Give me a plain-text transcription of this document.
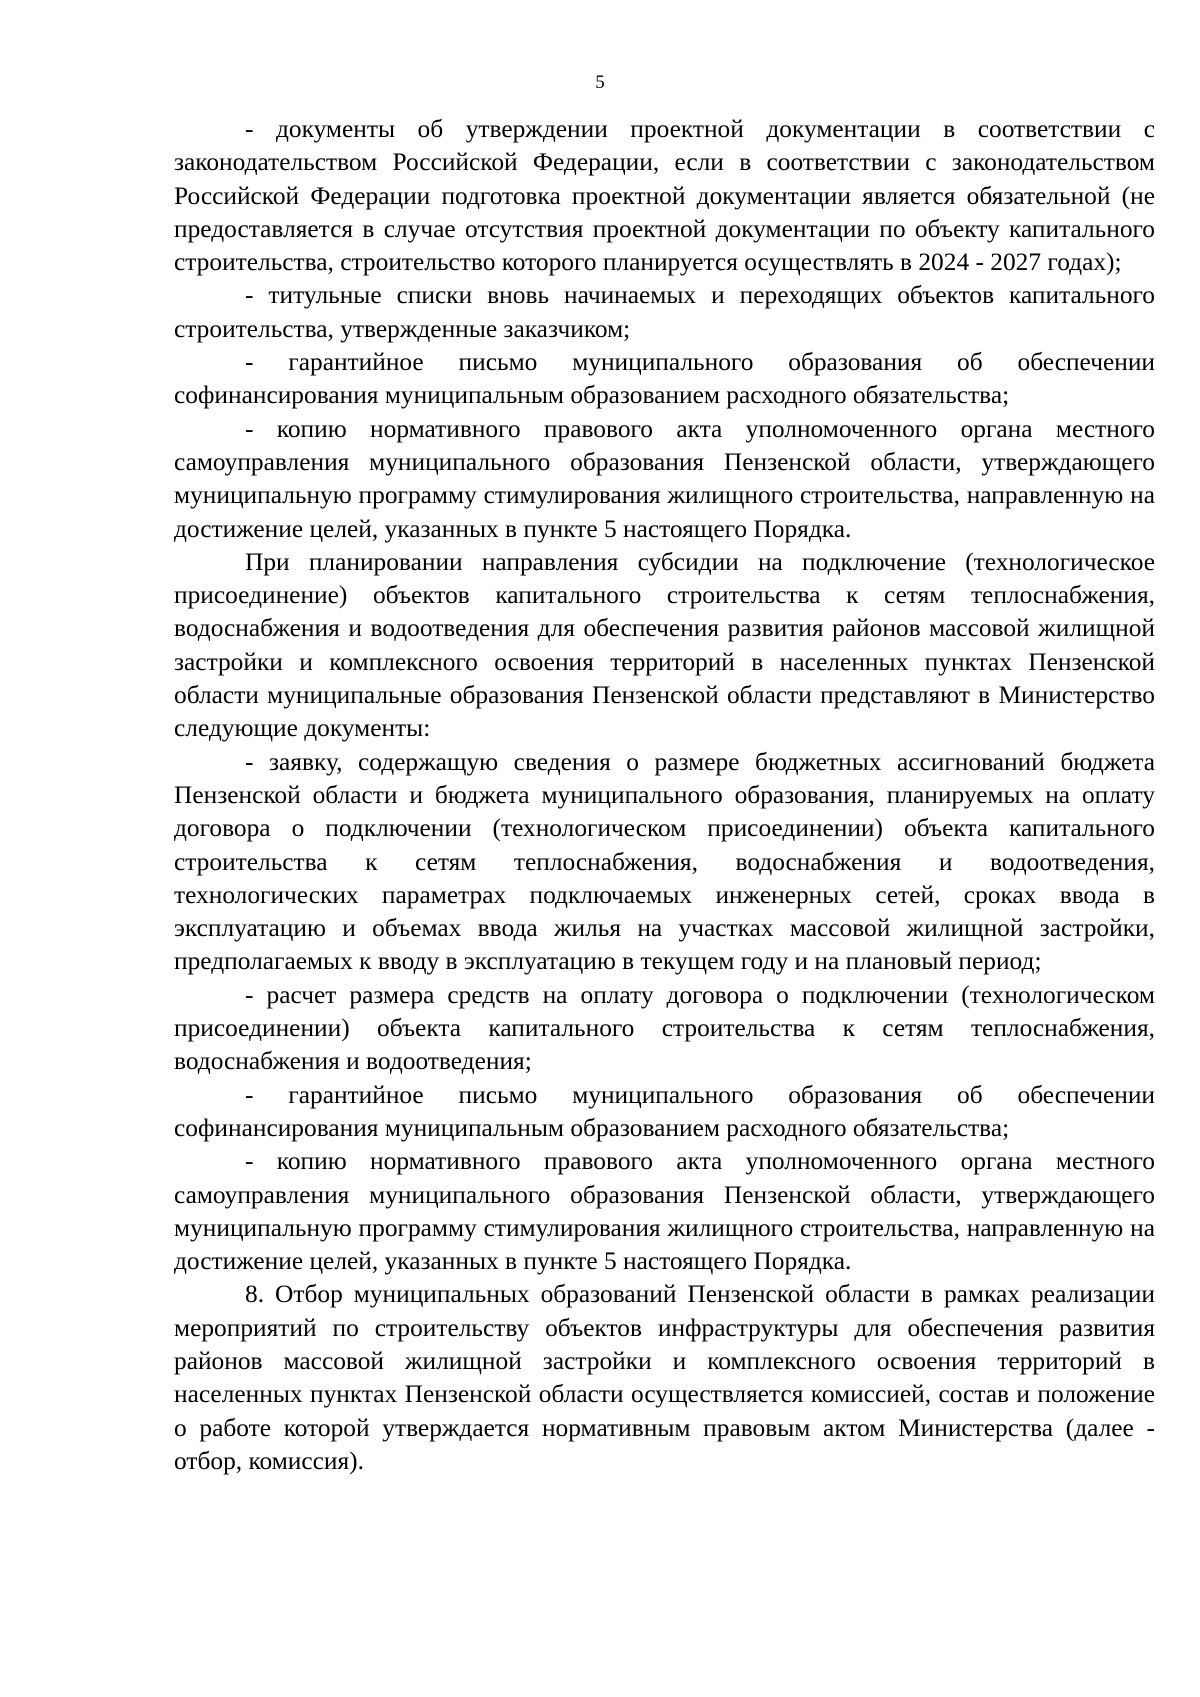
5

- документы об утверждении проектной документации в соответствии с законодательством Российской Федерации, если в соответствии с законодательством Российской Федерации подготовка проектной документации является обязательной (не предоставляется в случае отсутствия проектной документации по объекту капитального строительства, строительство которого планируется осуществлять в 2024 - 2027 годах);

- титульные списки вновь начинаемых и переходящих объектов капитального строительства, утвержденные заказчиком;

- гарантийное письмо муниципального образования об обеспечении софинансирования муниципальным образованием расходного обязательства;

- копию нормативного правового акта уполномоченного органа местного самоуправления муниципального образования Пензенской области, утверждающего муниципальную программу стимулирования жилищного строительства, направленную на достижение целей, указанных в пункте 5 настоящего Порядка.

При планировании направления субсидии на подключение (технологическое присоединение) объектов капитального строительства к сетям теплоснабжения, водоснабжения и водоотведения для обеспечения развития районов массовой жилищной застройки и комплексного освоения территорий в населенных пунктах Пензенской области муниципальные образования Пензенской области представляют в Министерство следующие документы:

- заявку, содержащую сведения о размере бюджетных ассигнований бюджета Пензенской области и бюджета муниципального образования, планируемых на оплату договора о подключении (технологическом присоединении) объекта капитального строительства к сетям теплоснабжения, водоснабжения и водоотведения, технологических параметрах подключаемых инженерных сетей, сроках ввода в эксплуатацию и объемах ввода жилья на участках массовой жилищной застройки, предполагаемых к вводу в эксплуатацию в текущем году и на плановый период;

- расчет размера средств на оплату договора о подключении (технологическом присоединении) объекта капитального строительства к сетям теплоснабжения, водоснабжения и водоотведения;

- гарантийное письмо муниципального образования об обеспечении софинансирования муниципальным образованием расходного обязательства;

- копию нормативного правового акта уполномоченного органа местного самоуправления муниципального образования Пензенской области, утверждающего муниципальную программу стимулирования жилищного строительства, направленную на достижение целей, указанных в пункте 5 настоящего Порядка.

8. Отбор муниципальных образований Пензенской области в рамках реализации мероприятий по строительству объектов инфраструктуры для обеспечения развития районов массовой жилищной застройки и комплексного освоения территорий в населенных пунктах Пензенской области осуществляется комиссией, состав и положение о работе которой утверждается нормативным правовым актом Министерства (далее - отбор, комиссия).
